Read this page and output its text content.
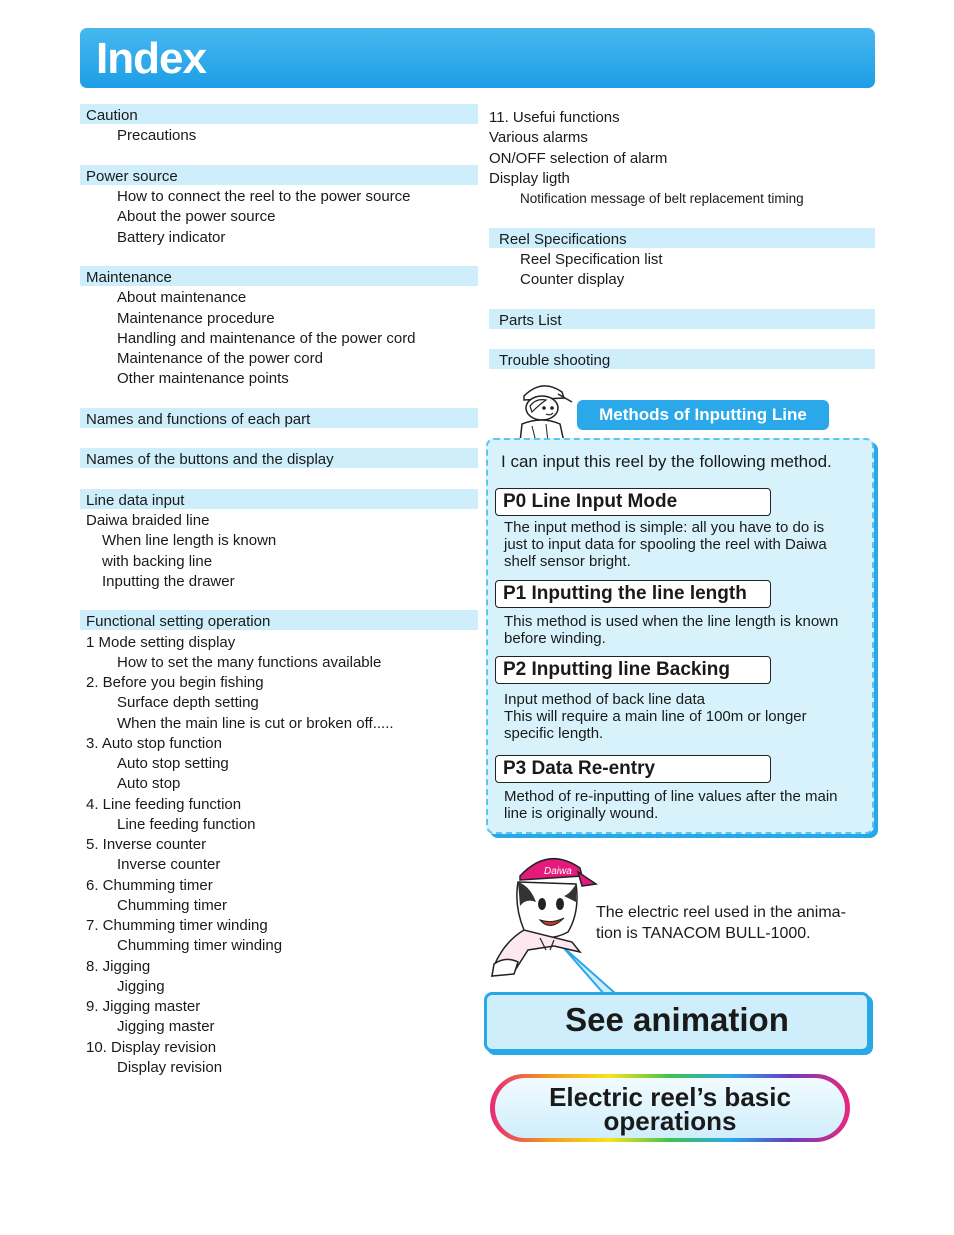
Index
Caution
Precautions
Power source
How to connect the reel to the power source
About the power source
Battery indicator
Maintenance
About maintenance
Maintenance procedure
Handling and maintenance of the power cord
Maintenance of the power cord
Other maintenance points
Names and functions of each part
Names of the buttons and the display
Line data input
Daiwa braided line
When line length is known
with backing line
Inputting the drawer
Functional setting operation
1 Mode setting display
How to set the many functions available
2. Before you begin fishing
Surface depth setting
When the main line is cut or broken off.....
3. Auto stop function
Auto stop setting
Auto stop
4. Line feeding function
Line feeding function
5. Inverse counter
Inverse counter
6. Chumming timer
Chumming timer
7. Chumming timer winding
Chumming timer winding
8. Jigging
Jigging
9. Jigging master
Jigging master
10. Display revision
Display revision
11. Usefui functions
Various alarms
ON/OFF selection of alarm
Display ligth
Notification message of belt replacement timing
Reel Specifications
Reel Specification list
Counter display
Parts List
Trouble shooting
Methods of Inputting Line
I can input this reel by the following method.
P0 Line Input Mode
The input method is simple: all you have to do is just to input data for spooling the reel with Daiwa shelf sensor bright.
P1 Inputting the line length
This method is used when the line length is known before winding.
P2 Inputting line Backing
Input method of back line data
This will require a main line of 100m or longer specific length.
P3 Data Re-entry
Method of re-inputting of line values after the main line is originally wound.
Daiwa
The electric reel used in the anima-tion is TANACOM BULL-1000.
See animation
Electric reel’s basic
operations
